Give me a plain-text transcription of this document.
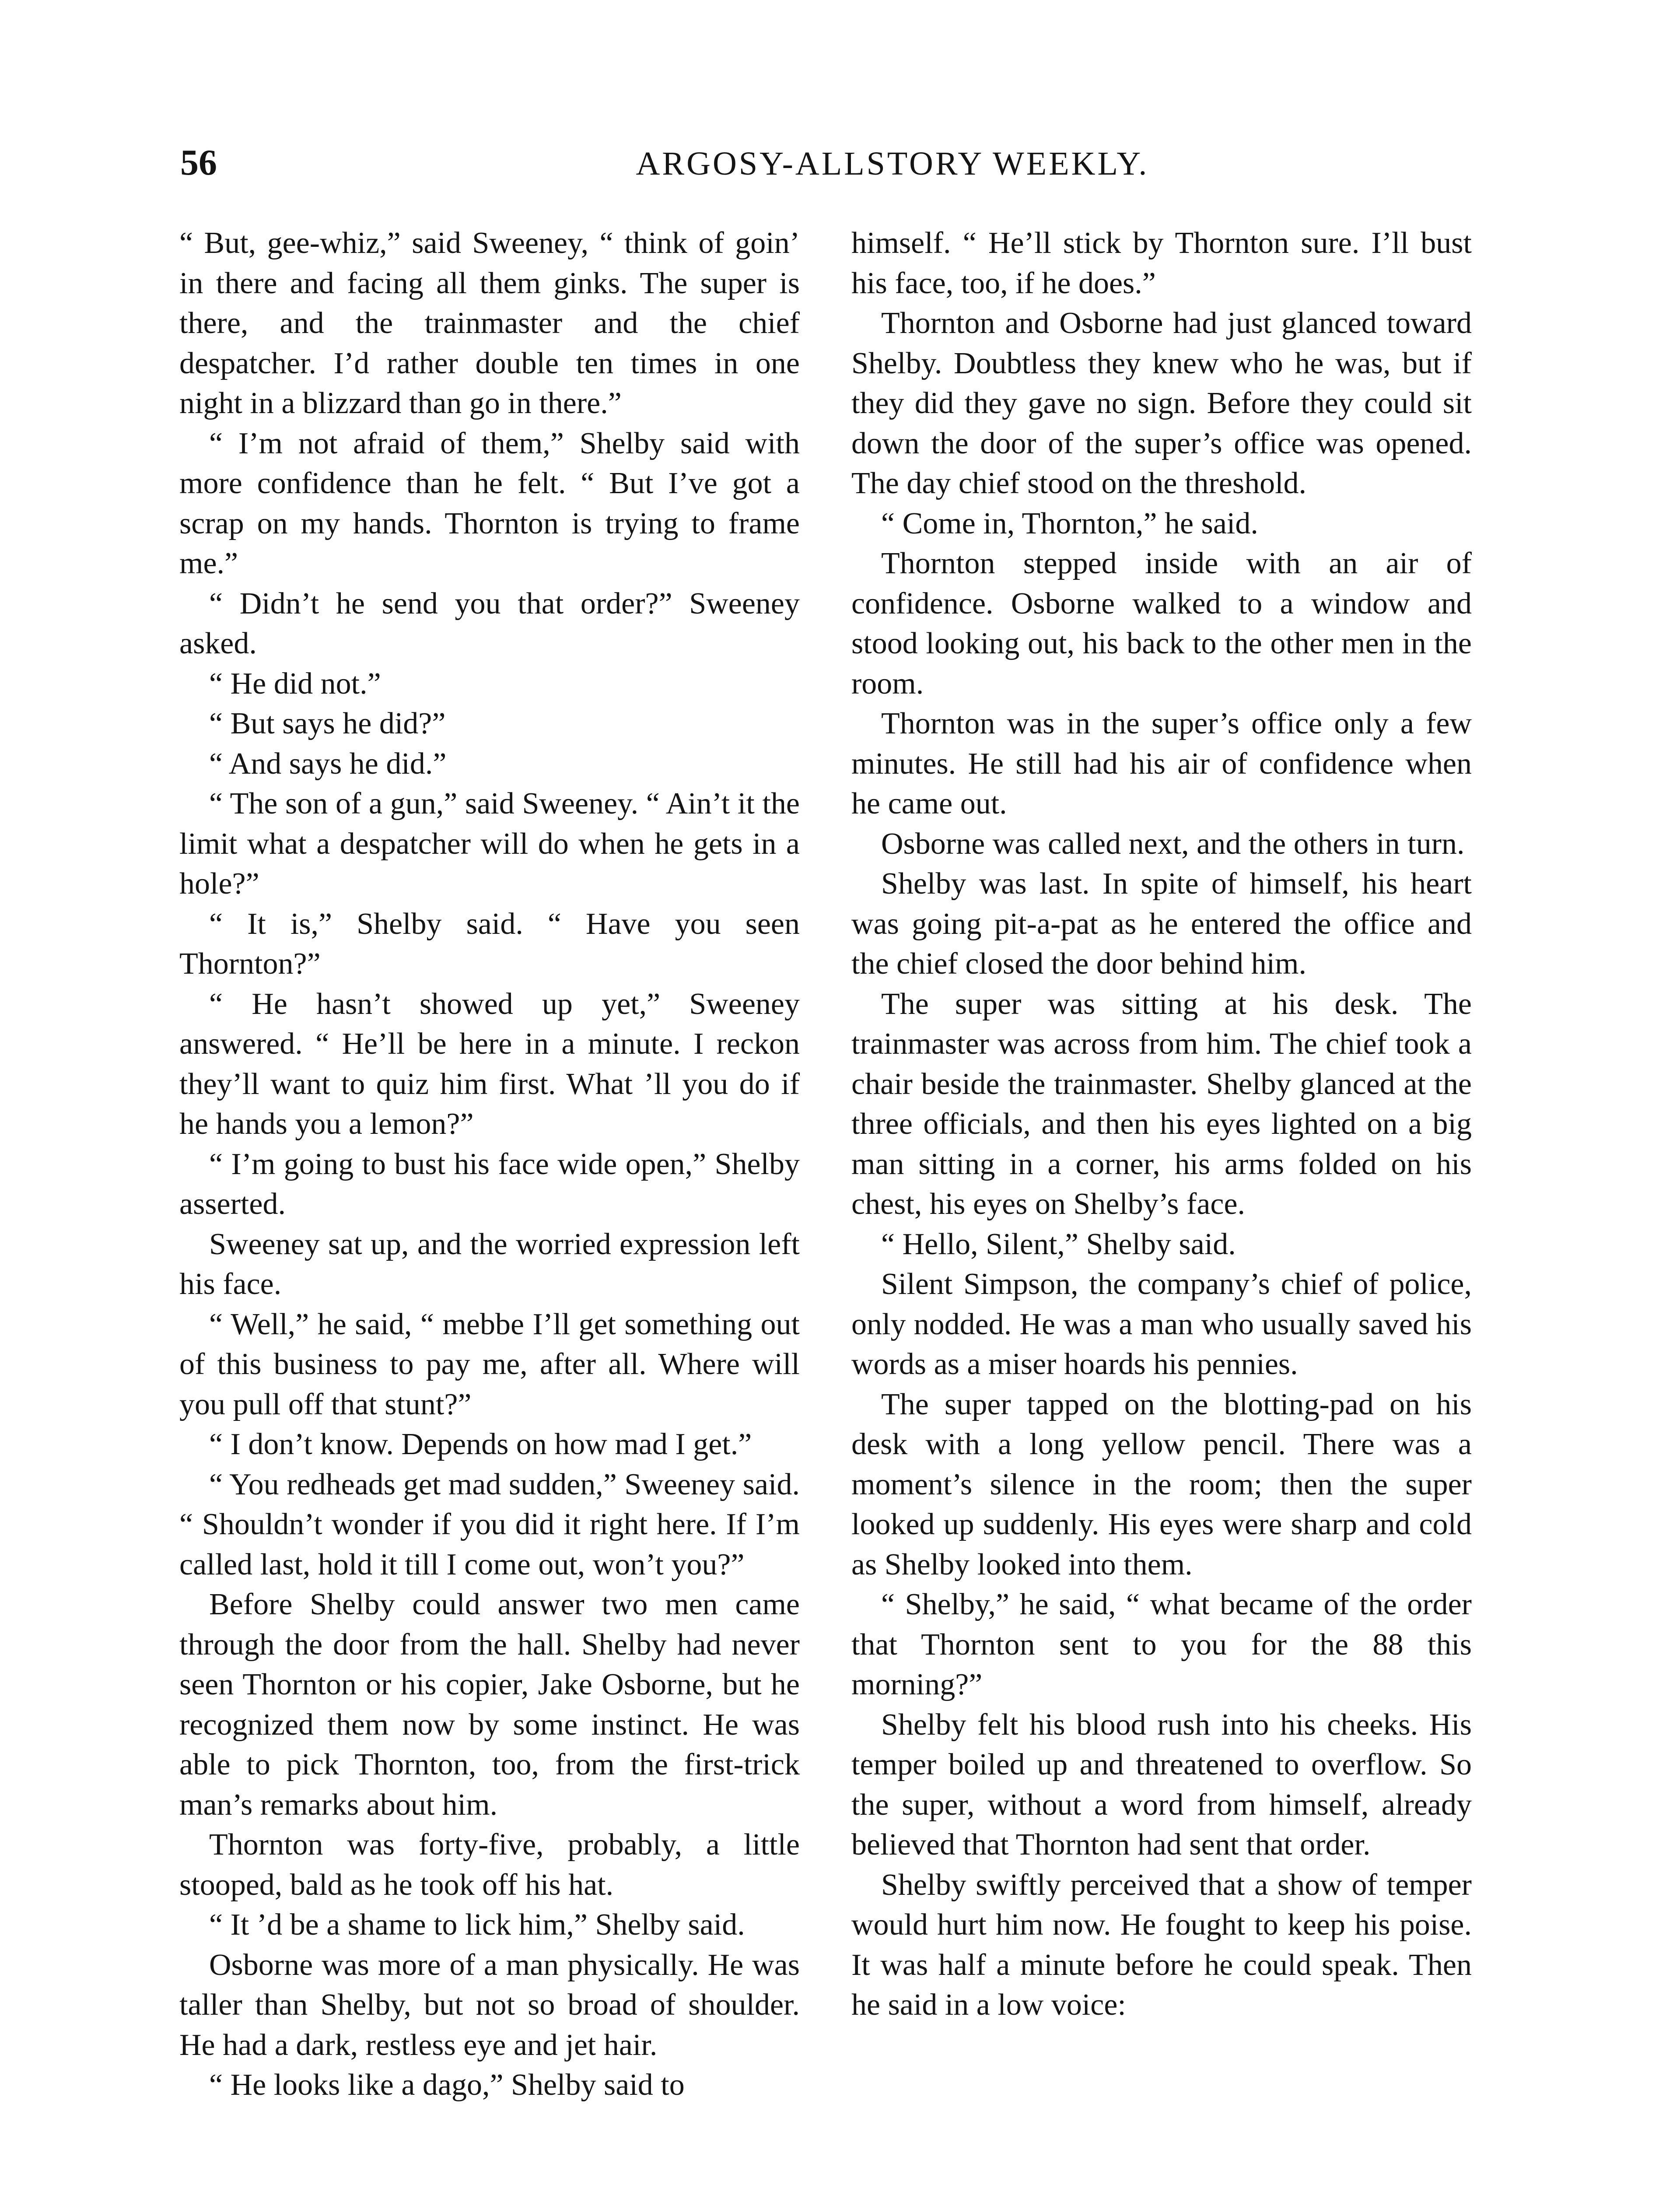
56	ARGOSY-ALLSTORY WEEKLY.

“ But, gee-whiz,” said Sweeney, “ think of goin’ in there and facing all them ginks. The super is there, and the trainmaster and the chief despatcher. I’d rather double ten times in one night in a blizzard than go in there.”

“ I’m not afraid of them,” Shelby said with more confidence than he felt. “ But I’ve got a scrap on my hands. Thornton is trying to frame me.”

“ Didn’t he send you that order?” Sweeney asked.

“ He did not.”

“ But says he did?”

“ And says he did.”

“ The son of a gun,” said Sweeney. “ Ain’t it the limit what a despatcher will do when he gets in a hole?”

“ It is,” Shelby said. “ Have you seen Thornton?”

“ He hasn’t showed up yet,” Sweeney answered. “ He’ll be here in a minute. I reckon they’ll want to quiz him first. What ’ll you do if he hands you a lemon?”

“ I’m going to bust his face wide open,” Shelby asserted.

Sweeney sat up, and the worried expression left his face.

“ Well,” he said, “ mebbe I’ll get something out of this business to pay me, after all. Where will you pull off that stunt?”

“ I don’t know. Depends on how mad I get.”

“ You redheads get mad sudden,” Sweeney said. “ Shouldn’t wonder if you did it right here. If I’m called last, hold it till I come out, won’t you?”

Before Shelby could answer two men came through the door from the hall. Shelby had never seen Thornton or his copier, Jake Osborne, but he recognized them now by some instinct. He was able to pick Thornton, too, from the first-trick man’s remarks about him.

Thornton was forty-five, probably, a little stooped, bald as he took off his hat.

“ It ’d be a shame to lick him,” Shelby said.

Osborne was more of a man physically. He was taller than Shelby, but not so broad of shoulder. He had a dark, restless eye and jet hair.

“ He looks like a dago,” Shelby said to

himself. “ He’ll stick by Thornton sure. I’ll bust his face, too, if he does.”

Thornton and Osborne had just glanced toward Shelby. Doubtless they knew who he was, but if they did they gave no sign. Before they could sit down the door of the super’s office was opened. The day chief stood on the threshold.

“ Come in, Thornton,” he said.

Thornton stepped inside with an air of confidence. Osborne walked to a window and stood looking out, his back to the other men in the room.

Thornton was in the super’s office only a few minutes. He still had his air of confidence when he came out.

Osborne was called next, and the others in turn.

Shelby was last. In spite of himself, his heart was going pit-a-pat as he entered the office and the chief closed the door behind him.

The super was sitting at his desk. The trainmaster was across from him. The chief took a chair beside the trainmaster. Shelby glanced at the three officials, and then his eyes lighted on a big man sitting in a corner, his arms folded on his chest, his eyes on Shelby’s face.

“ Hello, Silent,” Shelby said.

Silent Simpson, the company’s chief of police, only nodded. He was a man who usually saved his words as a miser hoards his pennies.

The super tapped on the blotting-pad on his desk with a long yellow pencil. There was a moment’s silence in the room; then the super looked up suddenly. His eyes were sharp and cold as Shelby looked into them.

“ Shelby,” he said, “ what became of the order that Thornton sent to you for the 88 this morning?”

Shelby felt his blood rush into his cheeks. His temper boiled up and threatened to overflow. So the super, without a word from himself, already believed that Thornton had sent that order.

Shelby swiftly perceived that a show of temper would hurt him now. He fought to keep his poise. It was half a minute before he could speak. Then he said in a low voice:
